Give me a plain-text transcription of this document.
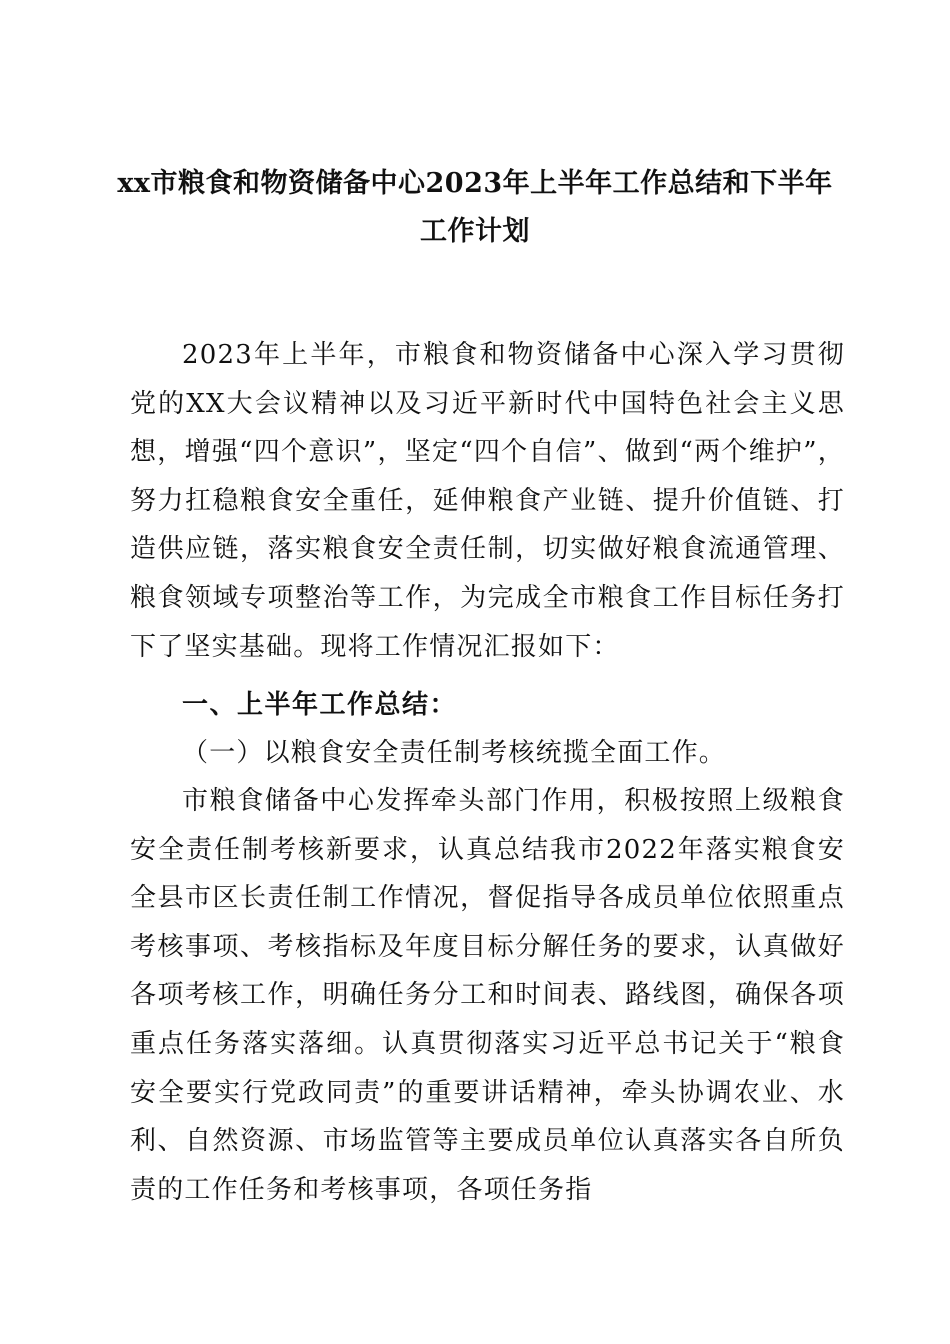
xx市粮食和物资储备中心2023年上半年工作总结和下半年工作计划
2023年上半年，市粮食和物资储备中心深入学习贯彻党的XX大会议精神以及习近平新时代中国特色社会主义思想，增强“四个意识”，坚定“四个自信”、做到“两个维护”，努力扛稳粮食安全重任，延伸粮食产业链、提升价值链、打造供应链，落实粮食安全责任制，切实做好粮食流通管理、粮食领域专项整治等工作，为完成全市粮食工作目标任务打下了坚实基础。现将工作情况汇报如下：
一、上半年工作总结：
（一）以粮食安全责任制考核统揽全面工作。
市粮食储备中心发挥牵头部门作用，积极按照上级粮食安全责任制考核新要求，认真总结我市2022年落实粮食安全县市区长责任制工作情况，督促指导各成员单位依照重点考核事项、考核指标及年度目标分解任务的要求，认真做好各项考核工作，明确任务分工和时间表、路线图，确保各项重点任务落实落细。认真贯彻落实习近平总书记关于“粮食安全要实行党政同责”的重要讲话精神，牵头协调农业、水利、自然资源、市场监管等主要成员单位认真落实各自所负责的工作任务和考核事项，各项任务指
